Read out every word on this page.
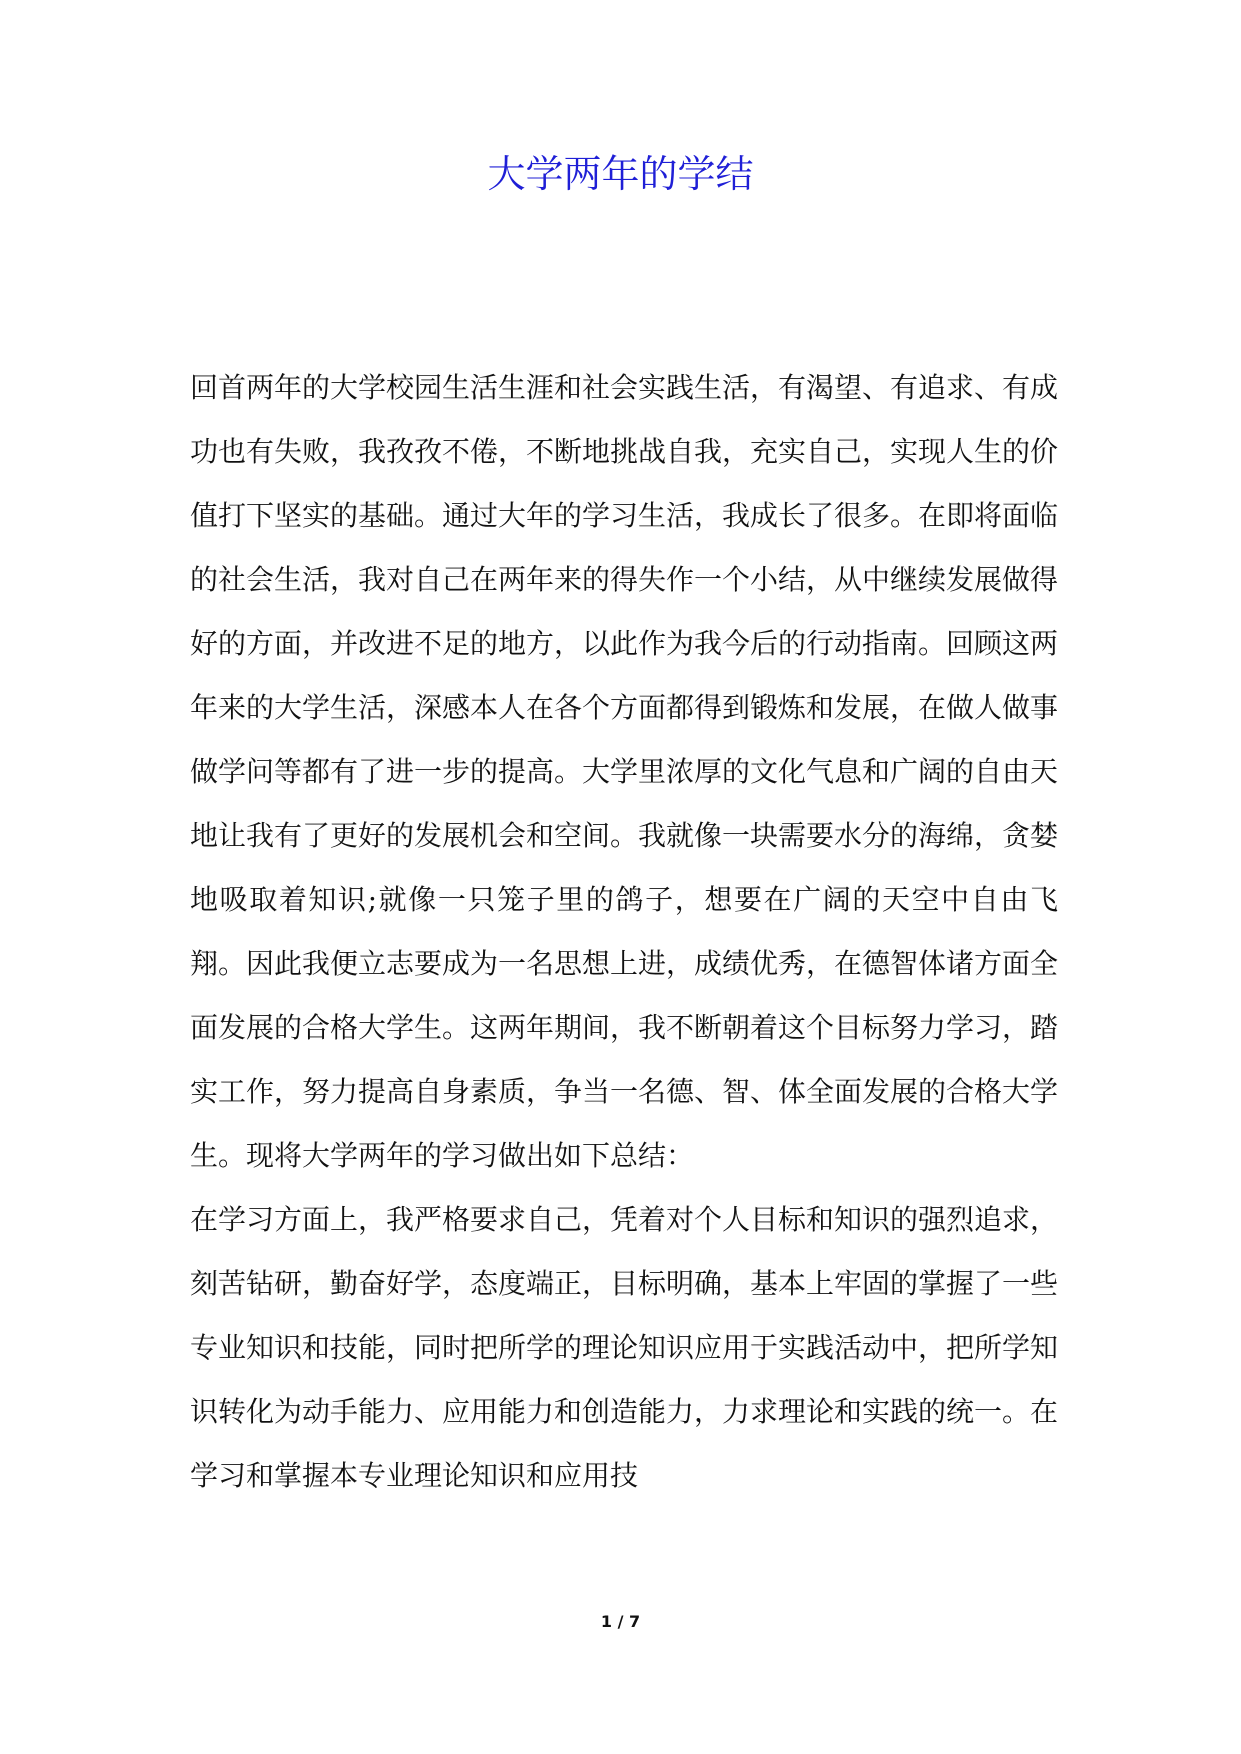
大学两年的学结

回首两年的大学校园生活生涯和社会实践生活，有渴望、有追求、有成功也有失败，我孜孜不倦，不断地挑战自我，充实自己，实现人生的价值打下坚实的基础。通过大年的学习生活，我成长了很多。在即将面临的社会生活，我对自己在两年来的得失作一个小结，从中继续发展做得好的方面，并改进不足的地方，以此作为我今后的行动指南。回顾这两年来的大学生活，深感本人在各个方面都得到锻炼和发展，在做人做事做学问等都有了进一步的提高。大学里浓厚的文化气息和广阔的自由天地让我有了更好的发展机会和空间。我就像一块需要水分的海绵，贪婪地吸取着知识;就像一只笼子里的鸽子，想要在广阔的天空中自由飞翔。因此我便立志要成为一名思想上进，成绩优秀，在德智体诸方面全面发展的合格大学生。这两年期间，我不断朝着这个目标努力学习，踏实工作，努力提高自身素质，争当一名德、智、体全面发展的合格大学生。现将大学两年的学习做出如下总结：

在学习方面上，我严格要求自己，凭着对个人目标和知识的强烈追求，刻苦钻研，勤奋好学，态度端正，目标明确，基本上牢固的掌握了一些专业知识和技能，同时把所学的理论知识应用于实践活动中，把所学知识转化为动手能力、应用能力和创造能力，力求理论和实践的统一。在学习和掌握本专业理论知识和应用技

1 / 7
